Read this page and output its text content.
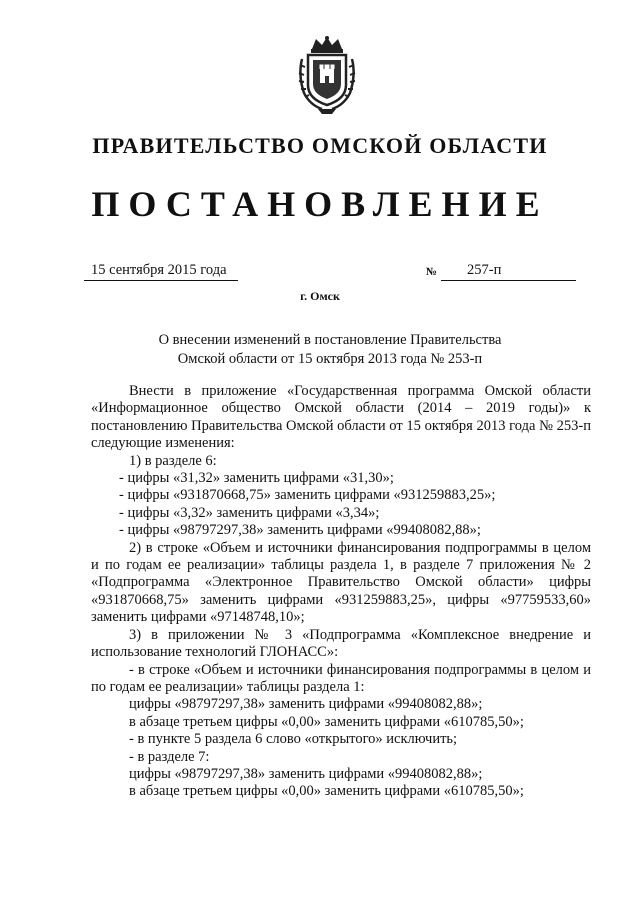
ПРАВИТЕЛЬСТВО ОМСКОЙ ОБЛАСТИ
ПОСТАНОВЛЕНИЕ
15 сентября 2015 года	№ 257-п
г. Омск
О внесении изменений в постановление Правительства
Омской области от 15 октября 2013 года № 253-п

Внести в приложение «Государственная программа Омской области «Информационное общество Омской области (2014 – 2019 годы)» к постановлению Правительства Омской области от 15 октября 2013 года № 253-п следующие изменения:

1) в разделе 6:

- цифры «31,32» заменить цифрами «31,30»;

- цифры «931870668,75» заменить цифрами «931259883,25»;

- цифры «3,32» заменить цифрами «3,34»;

- цифры «98797297,38» заменить цифрами «99408082,88»;

2) в строке «Объем и источники финансирования подпрограммы в целом и по годам ее реализации» таблицы раздела 1, в разделе 7 приложения № 2 «Подпрограмма «Электронное Правительство Омской области» цифры «931870668,75» заменить цифрами «931259883,25», цифры «97759533,60» заменить цифрами «97148748,10»;

3) в приложении № 3 «Подпрограмма «Комплексное внедрение и использование технологий ГЛОНАСС»:

- в строке «Объем и источники финансирования подпрограммы в целом и по годам ее реализации» таблицы раздела 1:

цифры «98797297,38» заменить цифрами «99408082,88»;

в абзаце третьем цифры «0,00» заменить цифрами «610785,50»;

- в пункте 5 раздела 6 слово «открытого» исключить;

- в разделе 7:

цифры «98797297,38» заменить цифрами «99408082,88»;

в абзаце третьем цифры «0,00» заменить цифрами «610785,50»;
